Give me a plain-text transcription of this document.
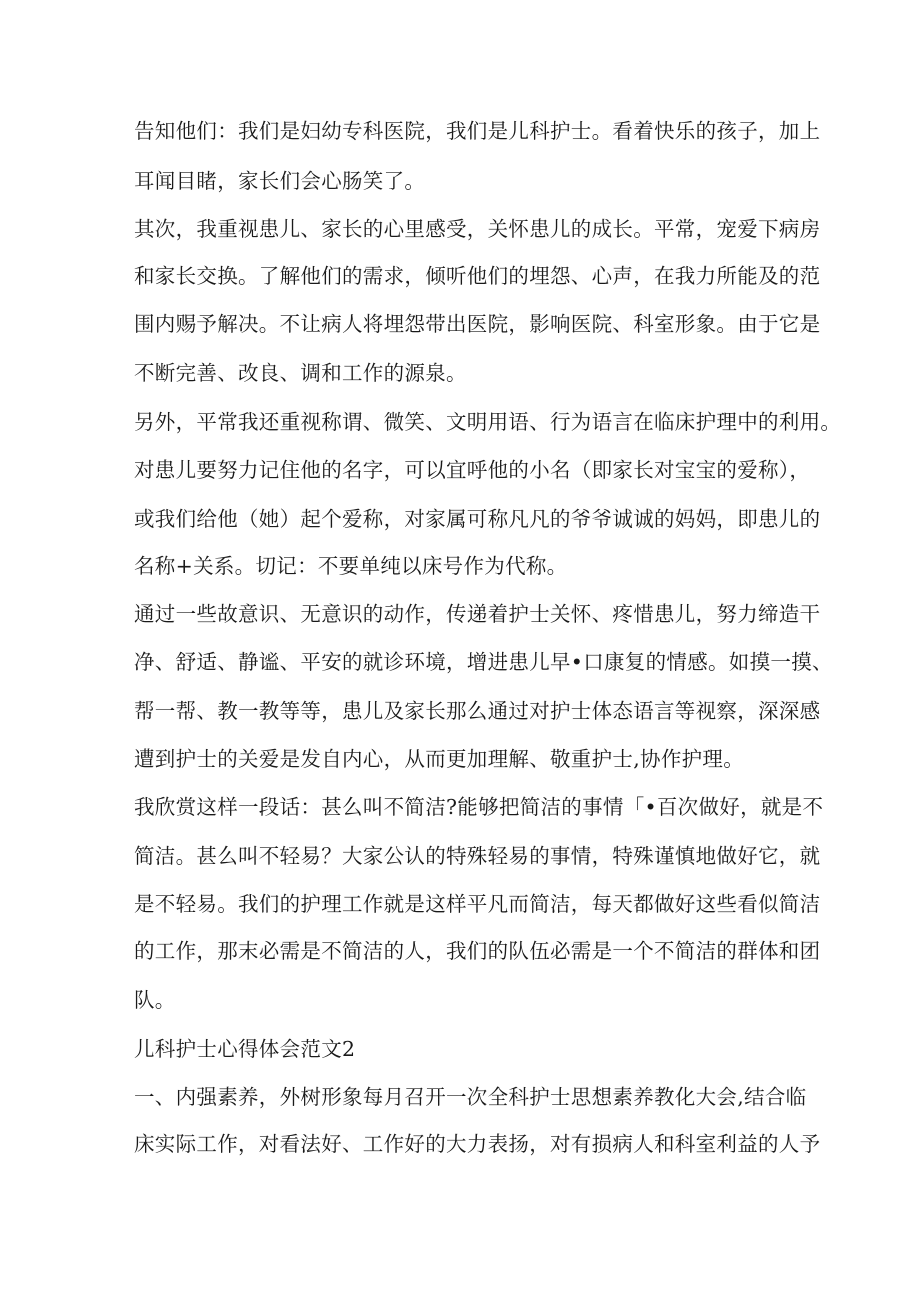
告知他们：我们是妇幼专科医院，我们是儿科护士。看着快乐的孩子，加上
耳闻目睹，家长们会心肠笑了。
其次，我重视患儿、家长的心里感受，关怀患儿的成长。平常，宠爱下病房
和家长交换。了解他们的需求，倾听他们的埋怨、心声，在我力所能及的范
围内赐予解决。不让病人将埋怨带出医院，影响医院、科室形象。由于它是
不断完善、改良、调和工作的源泉。
另外，平常我还重视称谓、微笑、文明用语、行为语言在临床护理中的利用。
对患儿要努力记住他的名字，可以宜呼他的小名（即家长对宝宝的爱称），
或我们给他（她）起个爱称，对家属可称凡凡的爷爷诚诚的妈妈，即患儿的
名称+关系。切记：不要单纯以床号作为代称。
通过一些故意识、无意识的动作，传递着护士关怀、疼惜患儿，努力缔造干
净、舒适、静谧、平安的就诊环境，增进患儿早•口康复的情感。如摸一摸、
帮一帮、教一教等等，患儿及家长那么通过对护士体态语言等视察，深深感
遭到护士的关爱是发自内心，从而更加理解、敬重护士,协作护理。
我欣赏这样一段话：甚么叫不简洁?能够把简洁的事情「•百次做好，就是不
简洁。甚么叫不轻易？大家公认的特殊轻易的事情，特殊谨慎地做好它，就
是不轻易。我们的护理工作就是这样平凡而简洁，每天都做好这些看似简洁
的工作，那末必需是不简洁的人，我们的队伍必需是一个不简洁的群体和团
队。
儿科护士心得体会范文2
一、内强素养，外树形象每月召开一次全科护士思想素养教化大会,结合临
床实际工作，对看法好、工作好的大力表扬，对有损病人和科室利益的人予
